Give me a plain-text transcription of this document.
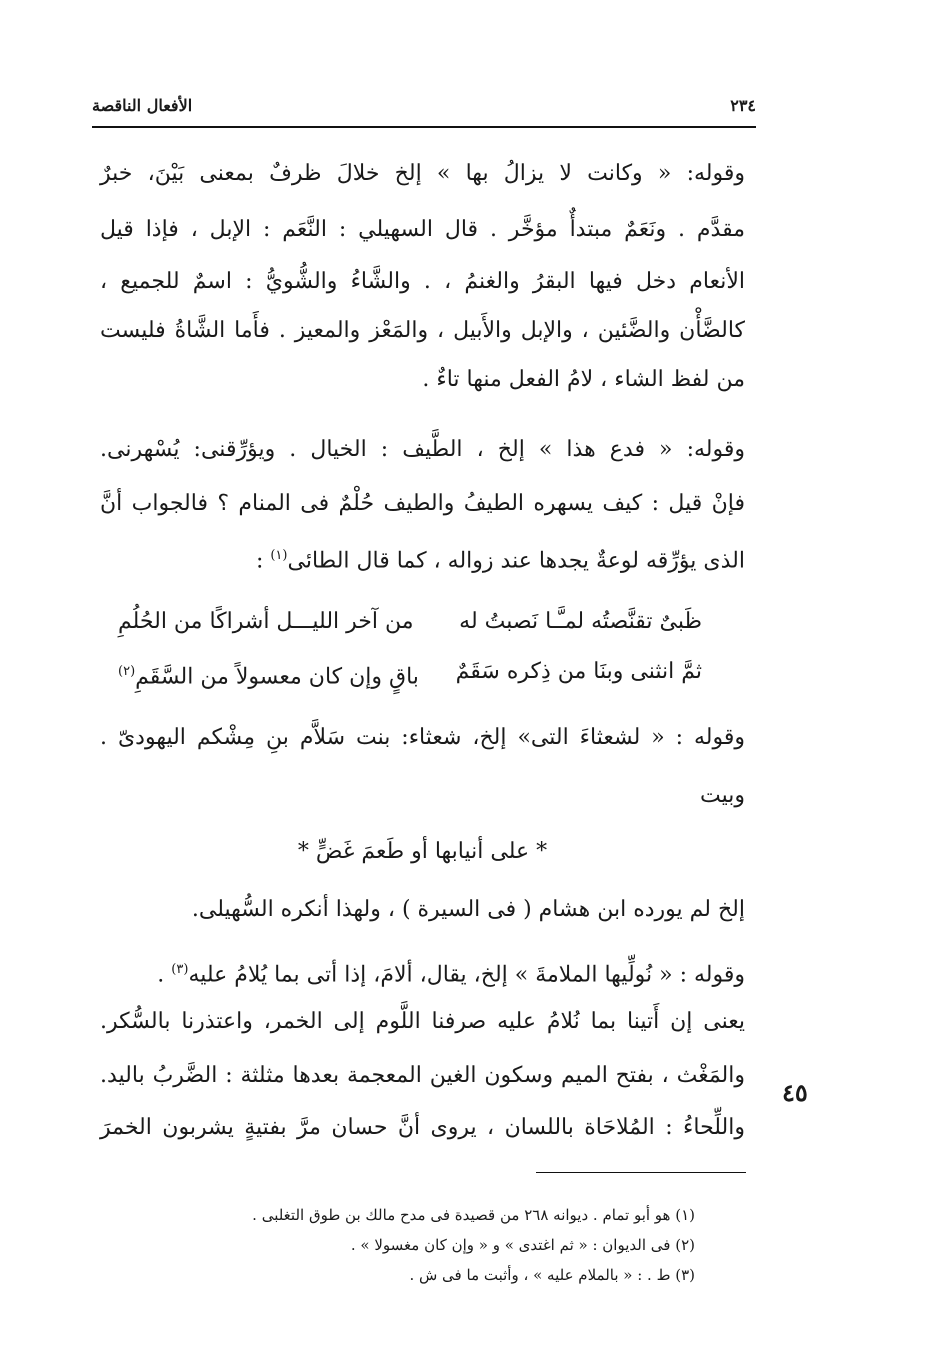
٢٣٤
الأفعال الناقصة
وقوله: « وكانت لا يزالُ بها » إلخ خلالَ ظرفٌ بمعنى بَيْنَ، خبرٌ
مقدَّم . ونَعَمٌ مبتدأٌ مؤخَّر . قال السهيلي : النَّعَم : الإبل ، فإذا قيل
الأنعام دخل فيها البقرُ والغنمُ ، . والشَّاءُ والشُّويُّ : اسمٌ للجميع ،
كالضَّأْن والضَّئين ، والإبل والأَبيل ، والمَعْز والمعيز . فأَما الشَّاةُ فليست
من لفظ الشاء ، لامُ الفعل منها تاءٌ .
وقوله: « فدع هذا » إلخ ، الطَّيف : الخيال . ويؤرِّقنى: يُسْهرنى.
فإنْ قيل : كيف يسهره الطيفُ والطيف حُلْمٌ فى المنام ؟ فالجواب أنَّ
الذى يؤرِّقه لوعةٌ يجدها عند زواله ، كما قال الطائى$^{(١)}$ :
ظَبىٌ تقنَّصتُه لمـَّـا نَصبتُ له
من آخر الليـــل أشراكًا من الحُلُمِ
ثمَّ انثنى وبنَا من ذِكره سَقَمٌ
باقٍ وإن كان معسولاً من السَّقَمِ$^{(٢)}$
وقوله : « لشعثاءَ التى» إلخ، شعثاء: بنت سَلاَّم بنِ مِشْكم اليهودىّ .
وبيت
* على أنيابها أو طَعمَ غَضٍّ *
إلخ لم يورده ابن هشام ( فى السيرة ) ، ولهذا أنكره السُّهيلى.
وقوله : « نُولِّيها الملامةَ » إلخ، يقال، ألامَ، إذا أتى بما يُلامُ عليه$^{(٣)}$ .
يعنى إن أَتينا بما نُلامُ عليه صرفنا اللَّوم إلى الخمر، واعتذرنا بالسُّكر.
والمَغْث ، بفتح الميم وسكون الغين المعجمة بعدها مثلثة : الضَّربُ باليد.
واللِّحاءُ : المُلاحَاة باللسان ، يروى أنَّ حسان مرَّ بفتيةٍ يشربون الخمرَ
٤٥
(١) هو أبو تمام . ديوانه ٢٦٨ من قصيدة فى مدح مالك بن طوق التغلبى .
(٢) فى الديوان : « ثم اغتدى » و « وإن كان مغسولا » .
(٣) ط . : « بالملام عليه » ، وأثبت ما فى ش .
